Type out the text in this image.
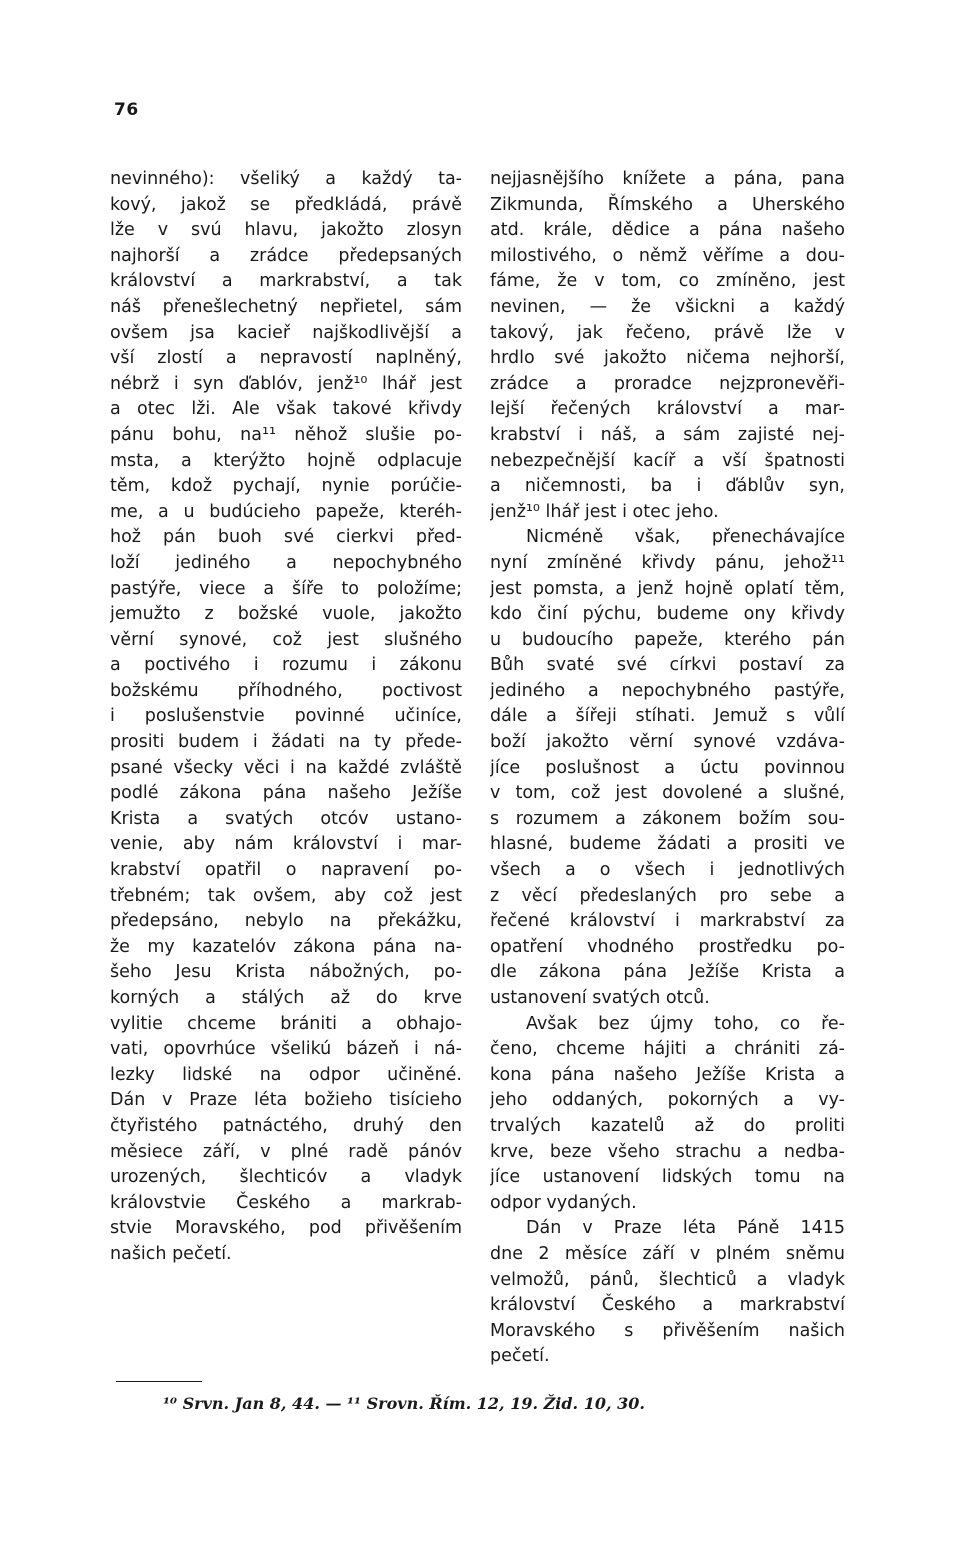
76
nevinného): všeliký a každý ta-
kový, jakož se předkládá, právě
lže v svú hlavu, jakožto zlosyn
najhorší a zrádce předepsaných
království a markrabství, a tak
náš přenešlechetný nepřietel, sám
ovšem jsa kacieř najškodlivější a
vší zlostí a nepravostí naplněný,
nébrž i syn ďablóv, jenž¹⁰ lhář jest
a otec lži. Ale však takové křivdy
pánu bohu, na¹¹ něhož slušie po-
msta, a kterýžto hojně odplacuje
těm, kdož pychají, nynie porúčie-
me, a u budúcieho papeže, kteréh-
hož pán buoh své cierkvi před-
loží jediného a nepochybného
pastýře, viece a šíře to položíme;
jemužto z božské vuole, jakožto
věrní synové, což jest slušného
a poctivého i rozumu i zákonu
božskému příhodného, poctivost
i poslušenstvie povinné učiníce,
prositi budem i žádati na ty přede-
psané všecky věci i na každé zvláště
podlé zákona pána našeho Ježíše
Krista a svatých otcóv ustano-
venie, aby nám království i mar-
krabství opatřil o napravení po-
třebném; tak ovšem, aby což jest
předepsáno, nebylo na překážku,
že my kazatelóv zákona pána na-
šeho Jesu Krista nábožných, po-
korných a stálých až do krve
vylitie chceme brániti a obhajo-
vati, opovrhúce všelikú bázeň i ná-
lezky lidské na odpor učiněné.
Dán v Praze léta božieho tisícieho
čtyřistého patnáctého, druhý den
měsiece září, v plné radě pánóv
urozených, šlechticóv a vladyk
královstvie Českého a markrab-
stvie Moravského, pod přivěšením
našich pečetí.
nejjasnějšího knížete a pána, pana
Zikmunda, Římského a Uherského
atd. krále, dědice a pána našeho
milostivého, o němž věříme a dou-
fáme, že v tom, co zmíněno, jest
nevinen, — že všickni a každý
takový, jak řečeno, právě lže v
hrdlo své jakožto ničema nejhorší,
zrádce a proradce nejzpronevěři-
lejší řečených království a mar-
krabství i náš, a sám zajisté nej-
nebezpečnější kacíř a vší špatnosti
a ničemnosti, ba i ďáblův syn,
jenž¹⁰ lhář jest i otec jeho.
Nicméně však, přenechávajíce
nyní zmíněné křivdy pánu, jehož¹¹
jest pomsta, a jenž hojně oplatí těm,
kdo činí pýchu, budeme ony křivdy
u budoucího papeže, kterého pán
Bůh svaté své církvi postaví za
jediného a nepochybného pastýře,
dále a šířeji stíhati. Jemuž s vůlí
boží jakožto věrní synové vzdáva-
jíce poslušnost a úctu povinnou
v tom, což jest dovolené a slušné,
s rozumem a zákonem božím sou-
hlasné, budeme žádati a prositi ve
všech a o všech i jednotlivých
z věcí předeslaných pro sebe a
řečené království i markrabství za
opatření vhodného prostředku po-
dle zákona pána Ježíše Krista a
ustanovení svatých otců.
Avšak bez újmy toho, co ře-
čeno, chceme hájiti a chrániti zá-
kona pána našeho Ježíše Krista a
jeho oddaných, pokorných a vy-
trvalých kazatelů až do proliti
krve, beze všeho strachu a nedba-
jíce ustanovení lidských tomu na
odpor vydaných.
Dán v Praze léta Páně 1415
dne 2 měsíce září v plném sněmu
velmožů, pánů, šlechticů a vladyk
království Českého a markrabství
Moravského s přivěšením našich
pečetí.
¹⁰ Srvn. Jan 8, 44. — ¹¹ Srovn. Řím. 12, 19. Žid. 10, 30.
